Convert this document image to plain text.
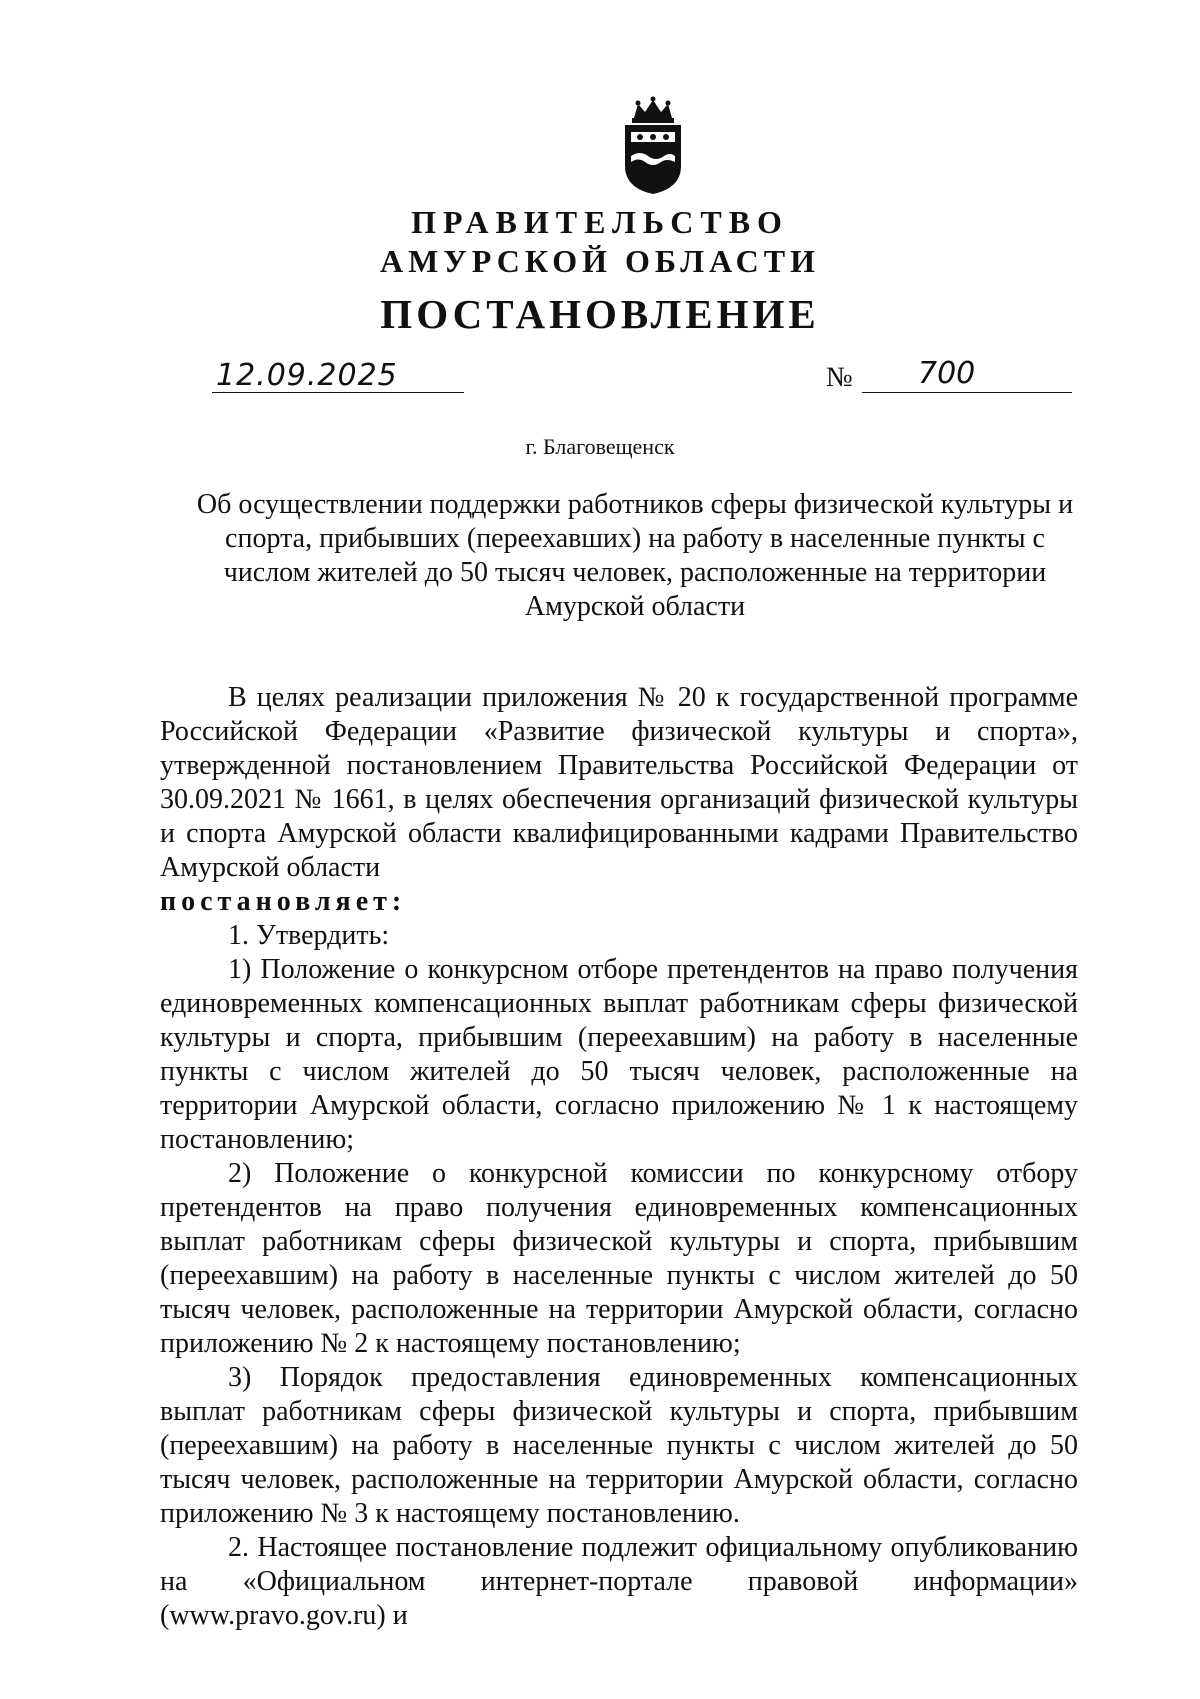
ПРАВИТЕЛЬСТВО
АМУРСКОЙ ОБЛАСТИ
ПОСТАНОВЛЕНИЕ
12.09.2025	№ 700
г. Благовещенск

Об осуществлении поддержки работников сферы физической культуры и спорта, прибывших (переехавших) на работу в населенные пункты с числом жителей до 50 тысяч человек, расположенные на территории Амурской области

В целях реализации приложения № 20 к государственной программе Российской Федерации «Развитие физической культуры и спорта», утвержденной постановлением Правительства Российской Федерации от 30.09.2021 № 1661, в целях обеспечения организаций физической культуры и спорта Амурской области квалифицированными кадрами Правительство Амурской области

постановляет:

1. Утвердить:

1) Положение о конкурсном отборе претендентов на право получения единовременных компенсационных выплат работникам сферы физической культуры и спорта, прибывшим (переехавшим) на работу в населенные пункты с числом жителей до 50 тысяч человек, расположенные на территории Амурской области, согласно приложению № 1 к настоящему постановлению;

2) Положение о конкурсной комиссии по конкурсному отбору претендентов на право получения единовременных компенсационных выплат работникам сферы физической культуры и спорта, прибывшим (переехавшим) на работу в населенные пункты с числом жителей до 50 тысяч человек, расположенные на территории Амурской области, согласно приложению № 2 к настоящему постановлению;

3) Порядок предоставления единовременных компенсационных выплат работникам сферы физической культуры и спорта, прибывшим (переехавшим) на работу в населенные пункты с числом жителей до 50 тысяч человек, расположенные на территории Амурской области, согласно приложению № 3 к настоящему постановлению.

2. Настоящее постановление подлежит официальному опубликованию на «Официальном интернет-портале правовой информации» (www.pravo.gov.ru) и
